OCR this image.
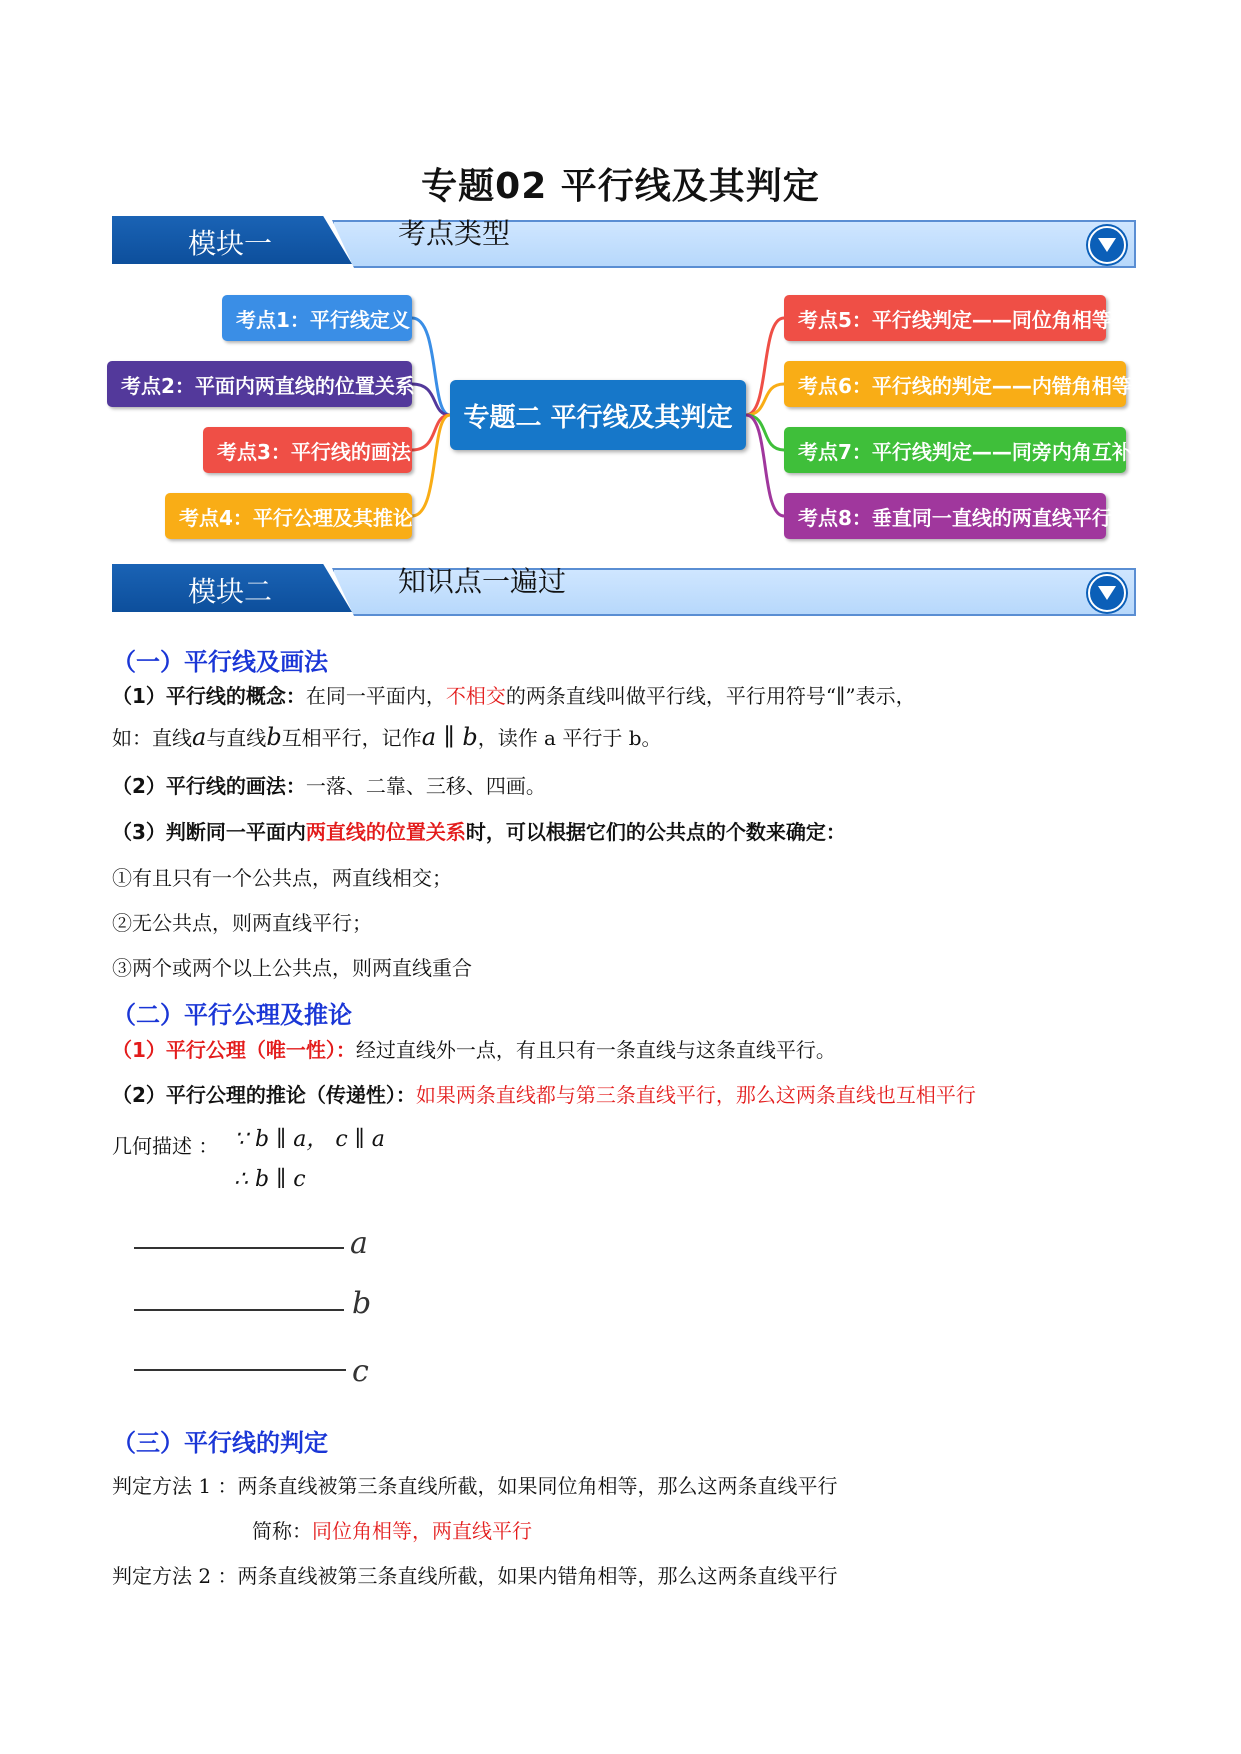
专题02 平行线及其判定
模块一	考点类型
专题二 平行线及其判定
考点1：平行线定义
考点2：平面内两直线的位置关系
考点3：平行线的画法
考点4：平行公理及其推论
考点5：平行线判定——同位角相等
考点6：平行线的判定——内错角相等
考点7：平行线判定——同旁内角互补
考点8：垂直同一直线的两直线平行
模块二	知识点一遍过
（一）平行线及画法
（1）平行线的概念：在同一平面内，不相交的两条直线叫做平行线，平行用符号“∥”表示，
如：直线a与直线b互相平行，记作a ∥ b，读作 a 平行于 b。
（2）平行线的画法：一落、二靠、三移、四画。
（3）判断同一平面内两直线的位置关系时，可以根据它们的公共点的个数来确定：
①有且只有一个公共点，两直线相交；
②无公共点，则两直线平行；
③两个或两个以上公共点，则两直线重合
（二）平行公理及推论
（1）平行公理（唯一性）：经过直线外一点，有且只有一条直线与这条直线平行。
（2）平行公理的推论（传递性）：如果两条直线都与第三条直线平行，那么这两条直线也互相平行
几何描述 ： ∵ b ∥ a， c ∥ a
∴ b ∥ c
a
b
c
（三）平行线的判定
判定方法 1 ：两条直线被第三条直线所截，如果同位角相等，那么这两条直线平行
简称：同位角相等，两直线平行
判定方法 2 ：两条直线被第三条直线所截，如果内错角相等，那么这两条直线平行
